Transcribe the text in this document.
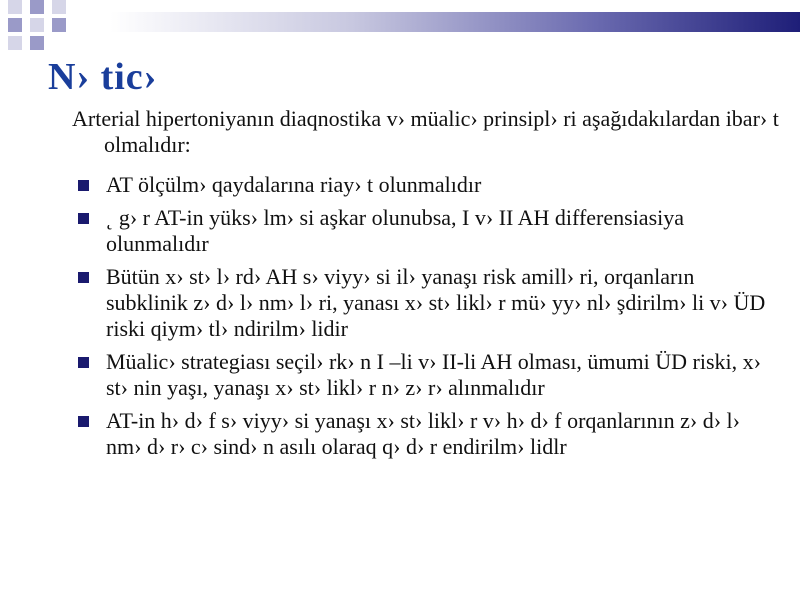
N› tic›
Arterial hipertoniyanın diaqnostika v› müalic› prinsipl› ri aşağıdakılardan ibar› t olmalıdır:
AT ölçülm› qaydalarına riay› t olunmalıdır
˛ g› r AT-in yüks› lm› si aşkar olunubsa, I v› II AH differensiasiya olunmalıdır
Bütün x› st› l› rd› AH s› viyy› si il› yanaşı risk amill› ri, orqanların subklinik z› d› l› nm› l› ri, yanası x› st› likl› r mü› yy› nl› şdirilm› li v› ÜD riski qiym› tl› ndirilm› lidir
Müalic› strategiası seçil› rk› n I –li v› II-li AH olması, ümumi ÜD riski, x› st› nin yaşı, yanaşı x› st› likl› r n› z› r› alınmalıdır
AT-in h› d› f s› viyy› si yanaşı x› st› likl› r v› h› d› f orqanlarının z› d› l› nm› d› r› c› sind› n asılı olaraq q› d› r endirilm› lidlr
